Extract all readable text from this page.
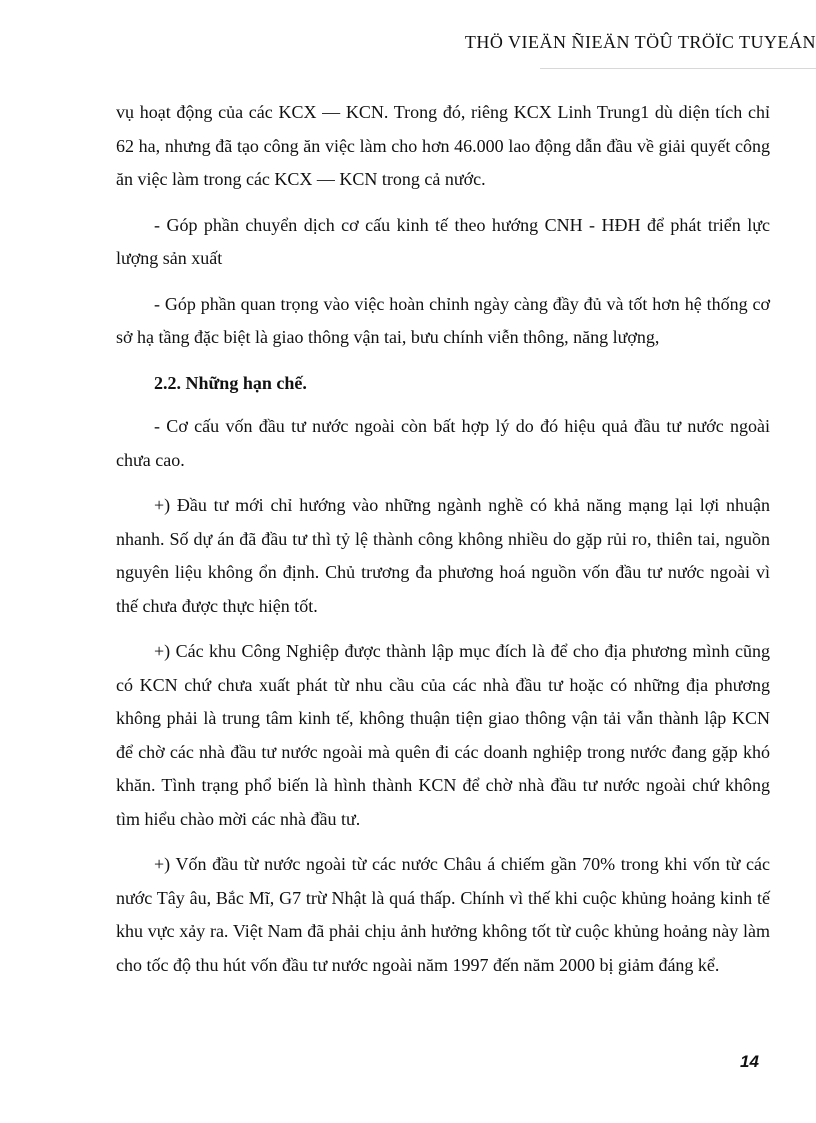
THÖ VIEÄN ÑIEÄN TÖÛ TRÖÏC TUYEÁN

vụ hoạt động của các KCX — KCN. Trong đó, riêng KCX Linh Trung1 dù diện tích chỉ 62 ha, nhưng đã tạo công ăn việc làm cho hơn 46.000 lao động dẫn đầu về giải quyết công ăn việc làm trong các KCX — KCN trong cả nước.

- Góp phần chuyển dịch cơ cấu kinh tế theo hướng CNH - HĐH để phát triển lực lượng sản xuất

- Góp phần quan trọng vào việc hoàn chỉnh ngày càng đầy đủ và tốt hơn hệ thống cơ sở hạ tầng đặc biệt là giao thông vận tai, bưu chính viễn thông, năng lượng,

2.2. Những hạn chế.

- Cơ cấu vốn đầu tư nước ngoài còn bất hợp lý do đó hiệu quả đầu tư nước ngoài chưa cao.

+) Đầu tư mới chỉ hướng vào những ngành nghề có khả năng mạng lại lợi nhuận nhanh. Số dự án đã đầu tư thì tỷ lệ thành công không nhiều do gặp rủi ro, thiên tai, nguồn nguyên liệu không ổn định. Chủ trương đa phương hoá nguồn vốn đầu tư nước ngoài vì thế chưa được thực hiện tốt.

+) Các khu Công Nghiệp được thành lập mục đích là để cho địa phương mình cũng có KCN chứ chưa xuất phát từ nhu cầu của các nhà đầu tư hoặc có những địa phương không phải là trung tâm kinh tế, không thuận tiện giao thông vận tải vẫn thành lập KCN để chờ các nhà đầu tư nước ngoài mà quên đi các doanh nghiệp trong nước đang gặp khó khăn. Tình trạng phổ biến là hình thành KCN để chờ nhà đầu tư nước ngoài chứ không tìm hiểu chào mời các nhà đầu tư.

+) Vốn đầu từ nước ngoài từ các nước Châu á chiếm gần 70% trong khi vốn từ các nước Tây âu, Bắc Mĩ, G7 trừ Nhật là quá thấp. Chính vì thế khi cuộc khủng hoảng kinh tế khu vực xảy ra. Việt Nam đã phải chịu ảnh hưởng không tốt từ cuộc khủng hoảng này làm cho tốc độ thu hút vốn đầu tư nước ngoài năm 1997 đến năm 2000 bị giảm đáng kể.

14
